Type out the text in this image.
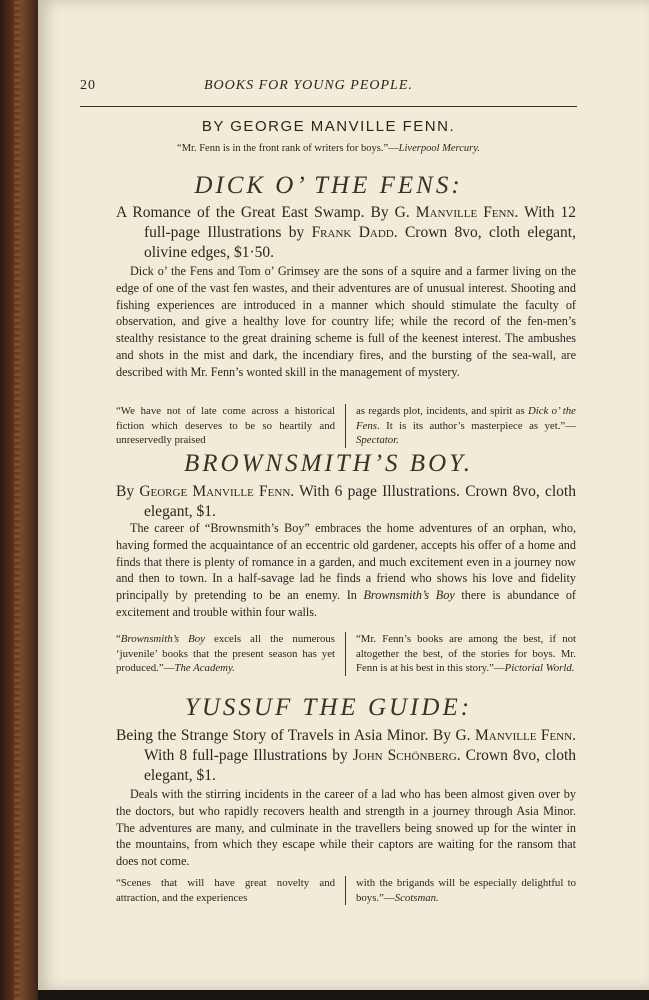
20	BOOKS FOR YOUNG PEOPLE.
BY GEORGE MANVILLE FENN.
“Mr. Fenn is in the front rank of writers for boys.”—Liverpool Mercury.
DICK O’ THE FENS:
A Romance of the Great East Swamp. By G. Manville Fenn. With 12 full-page Illustrations by Frank Dadd. Crown 8vo, cloth elegant, olivine edges, $1·50.
Dick o’ the Fens and Tom o’ Grimsey are the sons of a squire and a farmer living on the edge of one of the vast fen wastes, and their adventures are of unusual interest. Shooting and fishing experiences are introduced in a manner which should stimulate the faculty of observation, and give a healthy love for country life; while the record of the fen-men’s stealthy resistance to the great draining scheme is full of the keenest interest. The ambushes and shots in the mist and dark, the incendiary fires, and the bursting of the sea-wall, are described with Mr. Fenn’s wonted skill in the management of mystery.
“We have not of late come across a historical fiction which deserves to be so heartily and unreservedly praised
as regards plot, incidents, and spirit as Dick o’ the Fens. It is its author’s masterpiece as yet.”—Spectator.
BROWNSMITH’S BOY.
By George Manville Fenn. With 6 page Illustrations. Crown 8vo, cloth elegant, $1.
The career of “Brownsmith’s Boy” embraces the home adventures of an orphan, who, having formed the acquaintance of an eccentric old gardener, accepts his offer of a home and finds that there is plenty of romance in a garden, and much excitement even in a journey now and then to town. In a half-savage lad he finds a friend who shows his love and fidelity principally by pretending to be an enemy. In Brownsmith’s Boy there is abundance of excitement and trouble within four walls.
“Brownsmith’s Boy excels all the numerous ‘juvenile’ books that the present season has yet produced.”—The Academy.
“Mr. Fenn’s books are among the best, if not altogether the best, of the stories for boys. Mr. Fenn is at his best in this story.”—Pictorial World.
YUSSUF THE GUIDE:
Being the Strange Story of Travels in Asia Minor. By G. Manville Fenn. With 8 full-page Illustrations by John Schönberg. Crown 8vo, cloth elegant, $1.
Deals with the stirring incidents in the career of a lad who has been almost given over by the doctors, but who rapidly recovers health and strength in a journey through Asia Minor. The adventures are many, and culminate in the travellers being snowed up for the winter in the mountains, from which they escape while their captors are waiting for the ransom that does not come.
“Scenes that will have great novelty and attraction, and the experiences
with the brigands will be especially delightful to boys.”—Scotsman.
